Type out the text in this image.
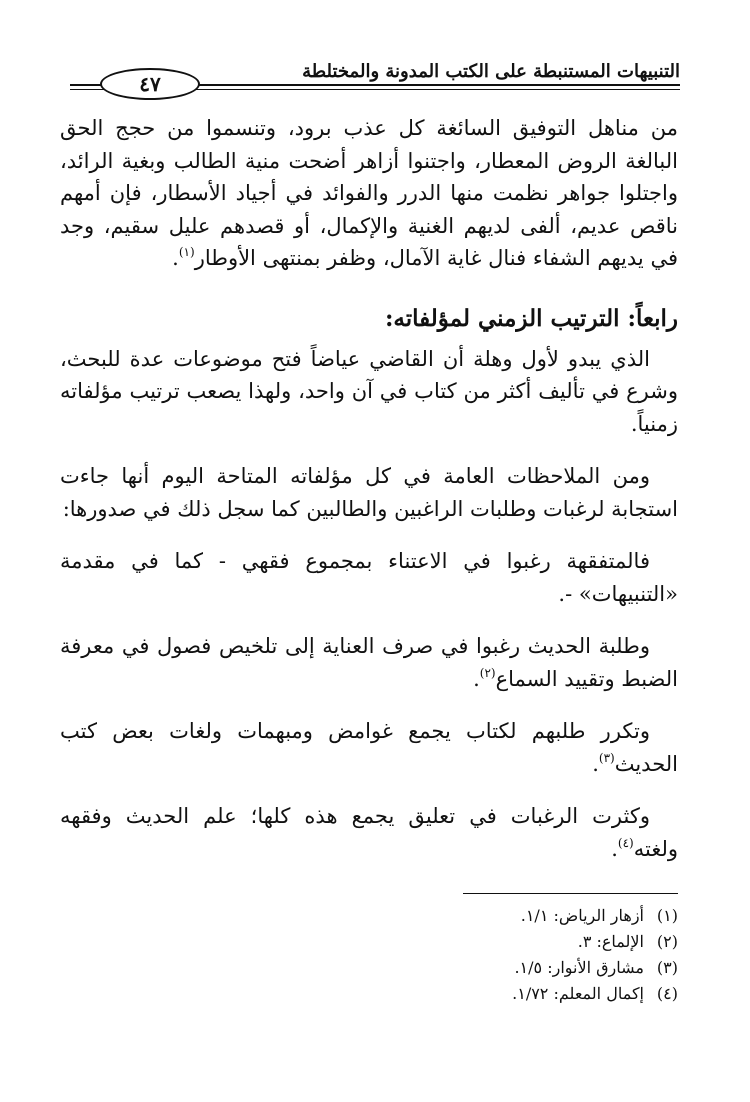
التنبيهات المستنبطة على الكتب المدونة والمختلطة
٤٧

من مناهل التوفيق السائغة كل عذب برود، وتنسموا من حجج الحق البالغة الروض المعطار، واجتنوا أزاهر أضحت منية الطالب وبغية الرائد، واجتلوا جواهر نظمت منها الدرر والفوائد في أجياد الأسطار، فإن أمهم ناقص عديم، ألفى لديهم الغنية والإكمال، أو قصدهم عليل سقيم، وجد في يديهم الشفاء فنال غاية الآمال، وظفر بمنتهى الأوطار$^{(١)}$.

رابعاً: الترتيب الزمني لمؤلفاته:

الذي يبدو لأول وهلة أن القاضي عياضاً فتح موضوعات عدة للبحث، وشرع في تأليف أكثر من كتاب في آن واحد، ولهذا يصعب ترتيب مؤلفاته زمنياً.

ومن الملاحظات العامة في كل مؤلفاته المتاحة اليوم أنها جاءت استجابة لرغبات وطلبات الراغبين والطالبين كما سجل ذلك في صدورها:

فالمتفقهة رغبوا في الاعتناء بمجموع فقهي - كما في مقدمة «التنبيهات» -.

وطلبة الحديث رغبوا في صرف العناية إلى تلخيص فصول في معرفة الضبط وتقييد السماع$^{(٢)}$.

وتكرر طلبهم لكتاب يجمع غوامض ومبهمات ولغات بعض كتب الحديث$^{(٣)}$.

وكثرت الرغبات في تعليق يجمع هذه كلها؛ علم الحديث وفقهه ولغته$^{(٤)}$.

(١)أزهار الرياض: ١/١.
(٢)الإلماع: ٣.
(٣)مشارق الأنوار: ١/٥.
(٤)إكمال المعلم: ١/٧٢.
